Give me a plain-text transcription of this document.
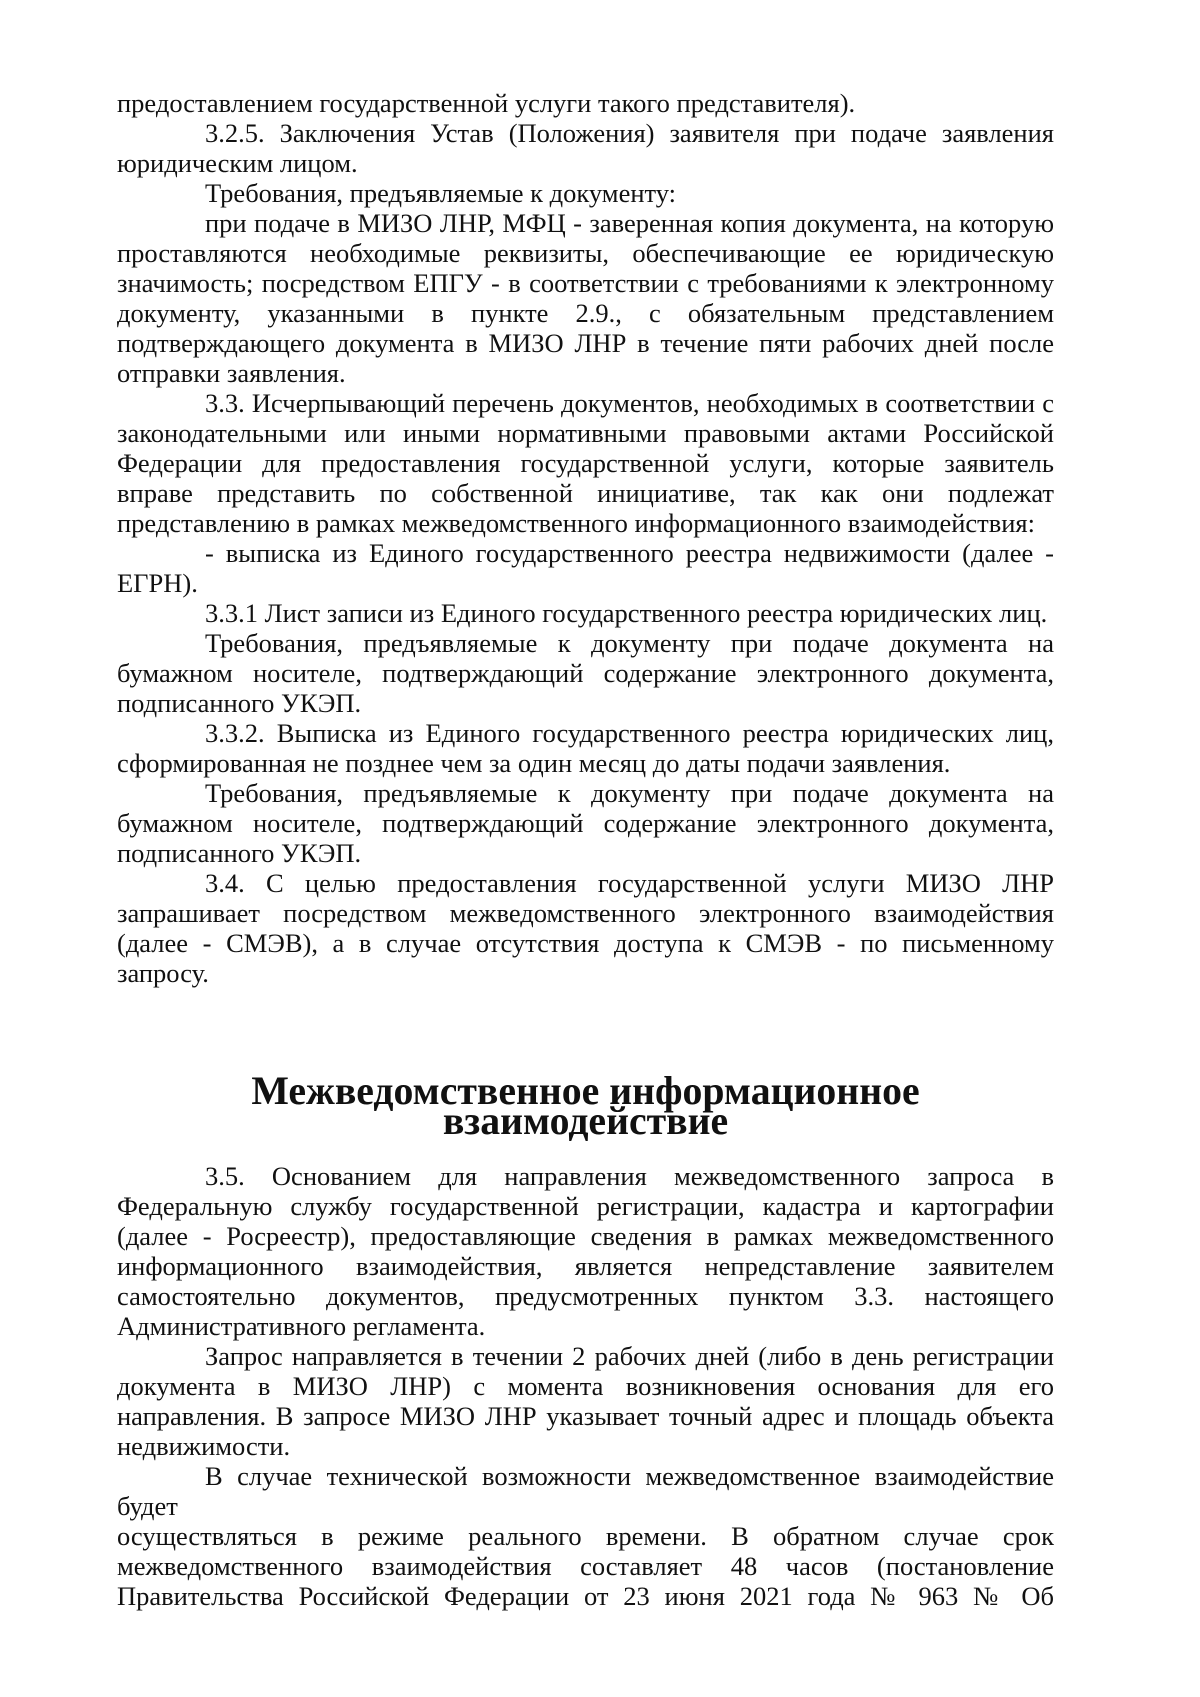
предоставлением государственной услуги такого представителя).

3.2.5. Заключения Устав (Положения) заявителя при подаче заявления юридическим лицом.

Требования, предъявляемые к документу:

при подаче в МИЗО ЛНР, МФЦ - заверенная копия документа, на которую проставляются необходимые реквизиты, обеспечивающие ее юридическую значимость; посредством ЕПГУ - в соответствии с требованиями к электронному документу, указанными в пункте 2.9., с обязательным представлением подтверждающего документа в МИЗО ЛНР в течение пяти рабочих дней после отправки заявления.

3.3. Исчерпывающий перечень документов, необходимых в соответствии с законодательными или иными нормативными правовыми актами Российской Федерации для предоставления государственной услуги, которые заявитель вправе представить по собственной инициативе, так как они подлежат представлению в рамках межведомственного информационного взаимодействия:

- выписка из Единого государственного реестра недвижимости (далее - ЕГРН).

3.3.1 Лист записи из Единого государственного реестра юридических лиц.

Требования, предъявляемые к документу при подаче документа на бумажном носителе, подтверждающий содержание электронного документа, подписанного УКЭП.

3.3.2. Выписка из Единого государственного реестра юридических лиц, сформированная не позднее чем за один месяц до даты подачи заявления.

Требования, предъявляемые к документу при подаче документа на бумажном носителе, подтверждающий содержание электронного документа, подписанного УКЭП.

3.4. С целью предоставления государственной услуги МИЗО ЛНР запрашивает посредством межведомственного электронного взаимодействия (далее - СМЭВ), а в случае отсутствия доступа к СМЭВ - по письменному запросу.

Межведомственное информационное взаимодействие

3.5. Основанием для направления межведомственного запроса в Федеральную службу государственной регистрации, кадастра и картографии (далее - Росреестр), предоставляющие сведения в рамках межведомственного информационного взаимодействия, является непредставление заявителем самостоятельно документов, предусмотренных пунктом 3.3. настоящего Административного регламента.

Запрос направляется в течении 2 рабочих дней (либо в день регистрации документа в МИЗО ЛНР) с момента возникновения основания для его направления. В запросе МИЗО ЛНР указывает точный адрес и площадь объекта недвижимости.

В случае технической возможности межведомственное взаимодействие будет

осуществляться в режиме реального времени. В обратном случае срок

межведомственного взаимодействия составляет 48 часов (постановление

Правительства Российской Федерации от 23 июня 2021 года № 963 № Об
